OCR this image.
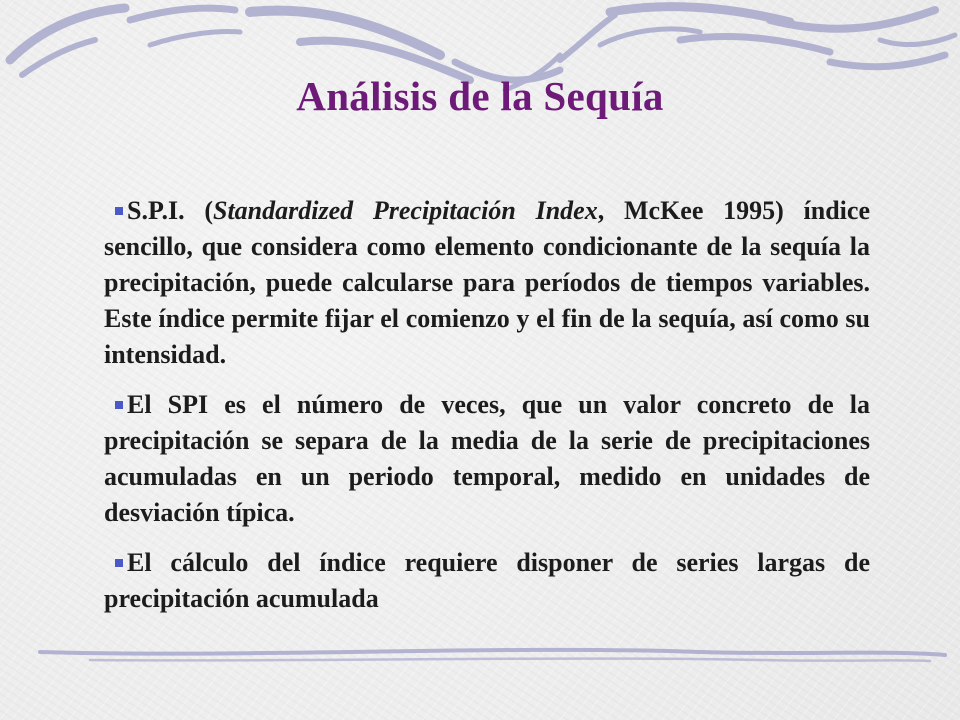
Análisis de la Sequía

S.P.I. (Standardized Precipitación Index, McKee 1995) índice sencillo, que considera como elemento condicionante de la sequía la precipitación, puede calcularse para períodos de tiempos variables. Este índice permite fijar el comienzo y el fin de la sequía, así como su intensidad.

El SPI es el número de veces, que un valor concreto de la precipitación se separa de la media de la serie de precipitaciones acumuladas en un periodo temporal, medido en unidades de desviación típica.

El cálculo del índice requiere disponer de series largas de precipitación acumulada
